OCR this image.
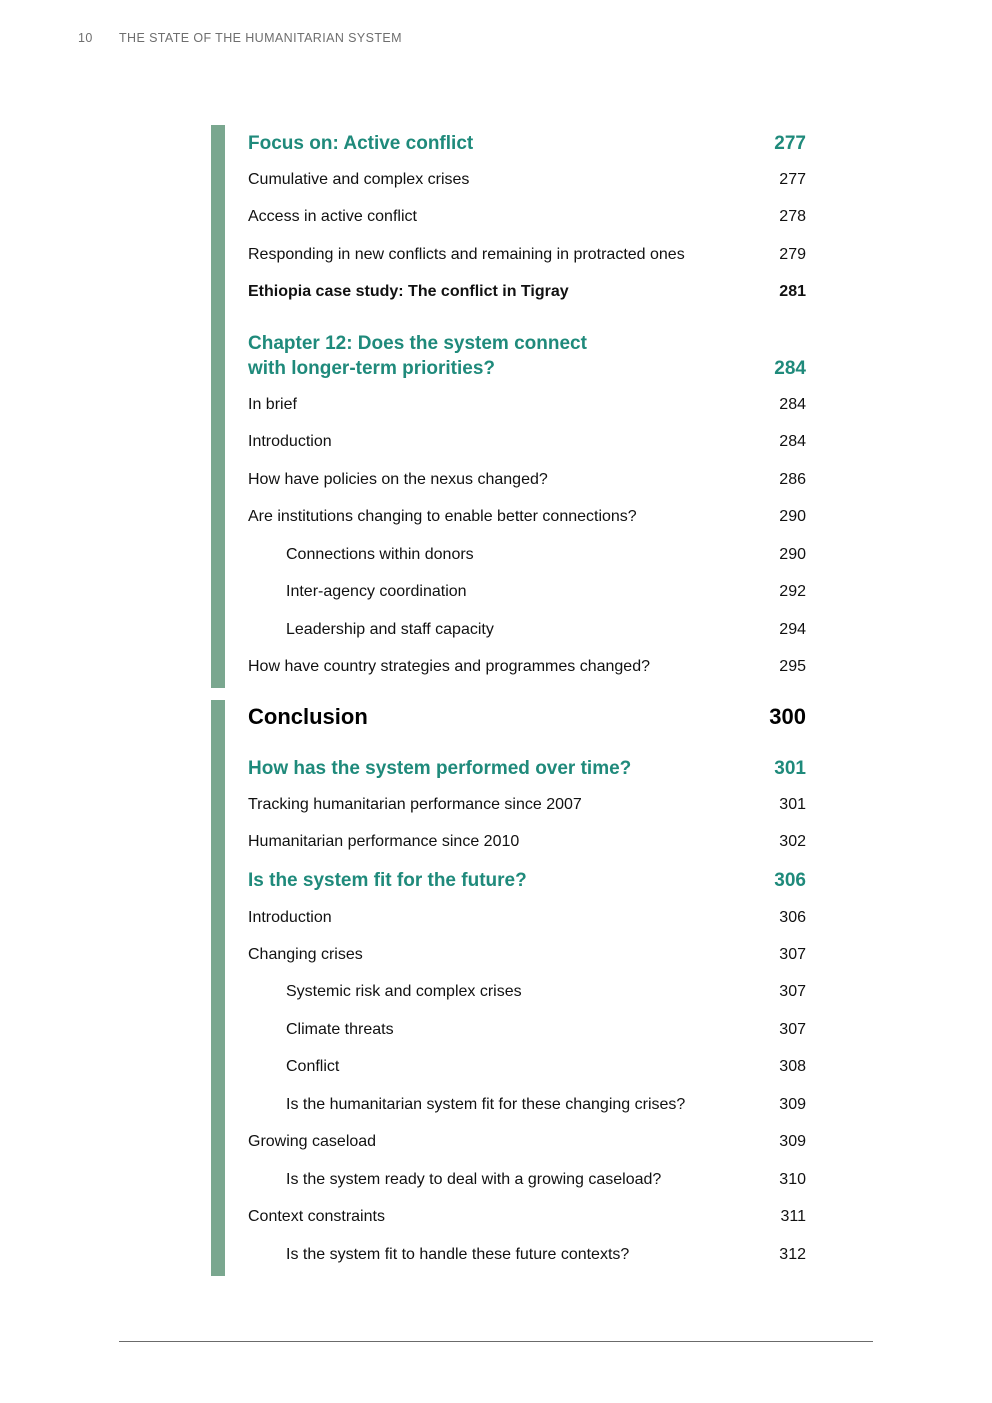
10 THE STATE OF THE HUMANITARIAN SYSTEM
Focus on: Active conflict	277
Cumulative and complex crises	277
Access in active conflict	278
Responding in new conflicts and remaining in protracted ones	279
Ethiopia case study: The conflict in Tigray	281
Chapter 12: Does the system connect
with longer-term priorities?	284
In brief	284
Introduction	284
How have policies on the nexus changed?	286
Are institutions changing to enable better connections?	290
Connections within donors	290
Inter-agency coordination	292
Leadership and staff capacity	294
How have country strategies and programmes changed?	295
Conclusion	300
How has the system performed over time?	301
Tracking humanitarian performance since 2007	301
Humanitarian performance since 2010	302
Is the system fit for the future?	306
Introduction	306
Changing crises	307
Systemic risk and complex crises	307
Climate threats	307
Conflict	308
Is the humanitarian system fit for these changing crises?	309
Growing caseload	309
Is the system ready to deal with a growing caseload?	310
Context constraints	311
Is the system fit to handle these future contexts?	312
